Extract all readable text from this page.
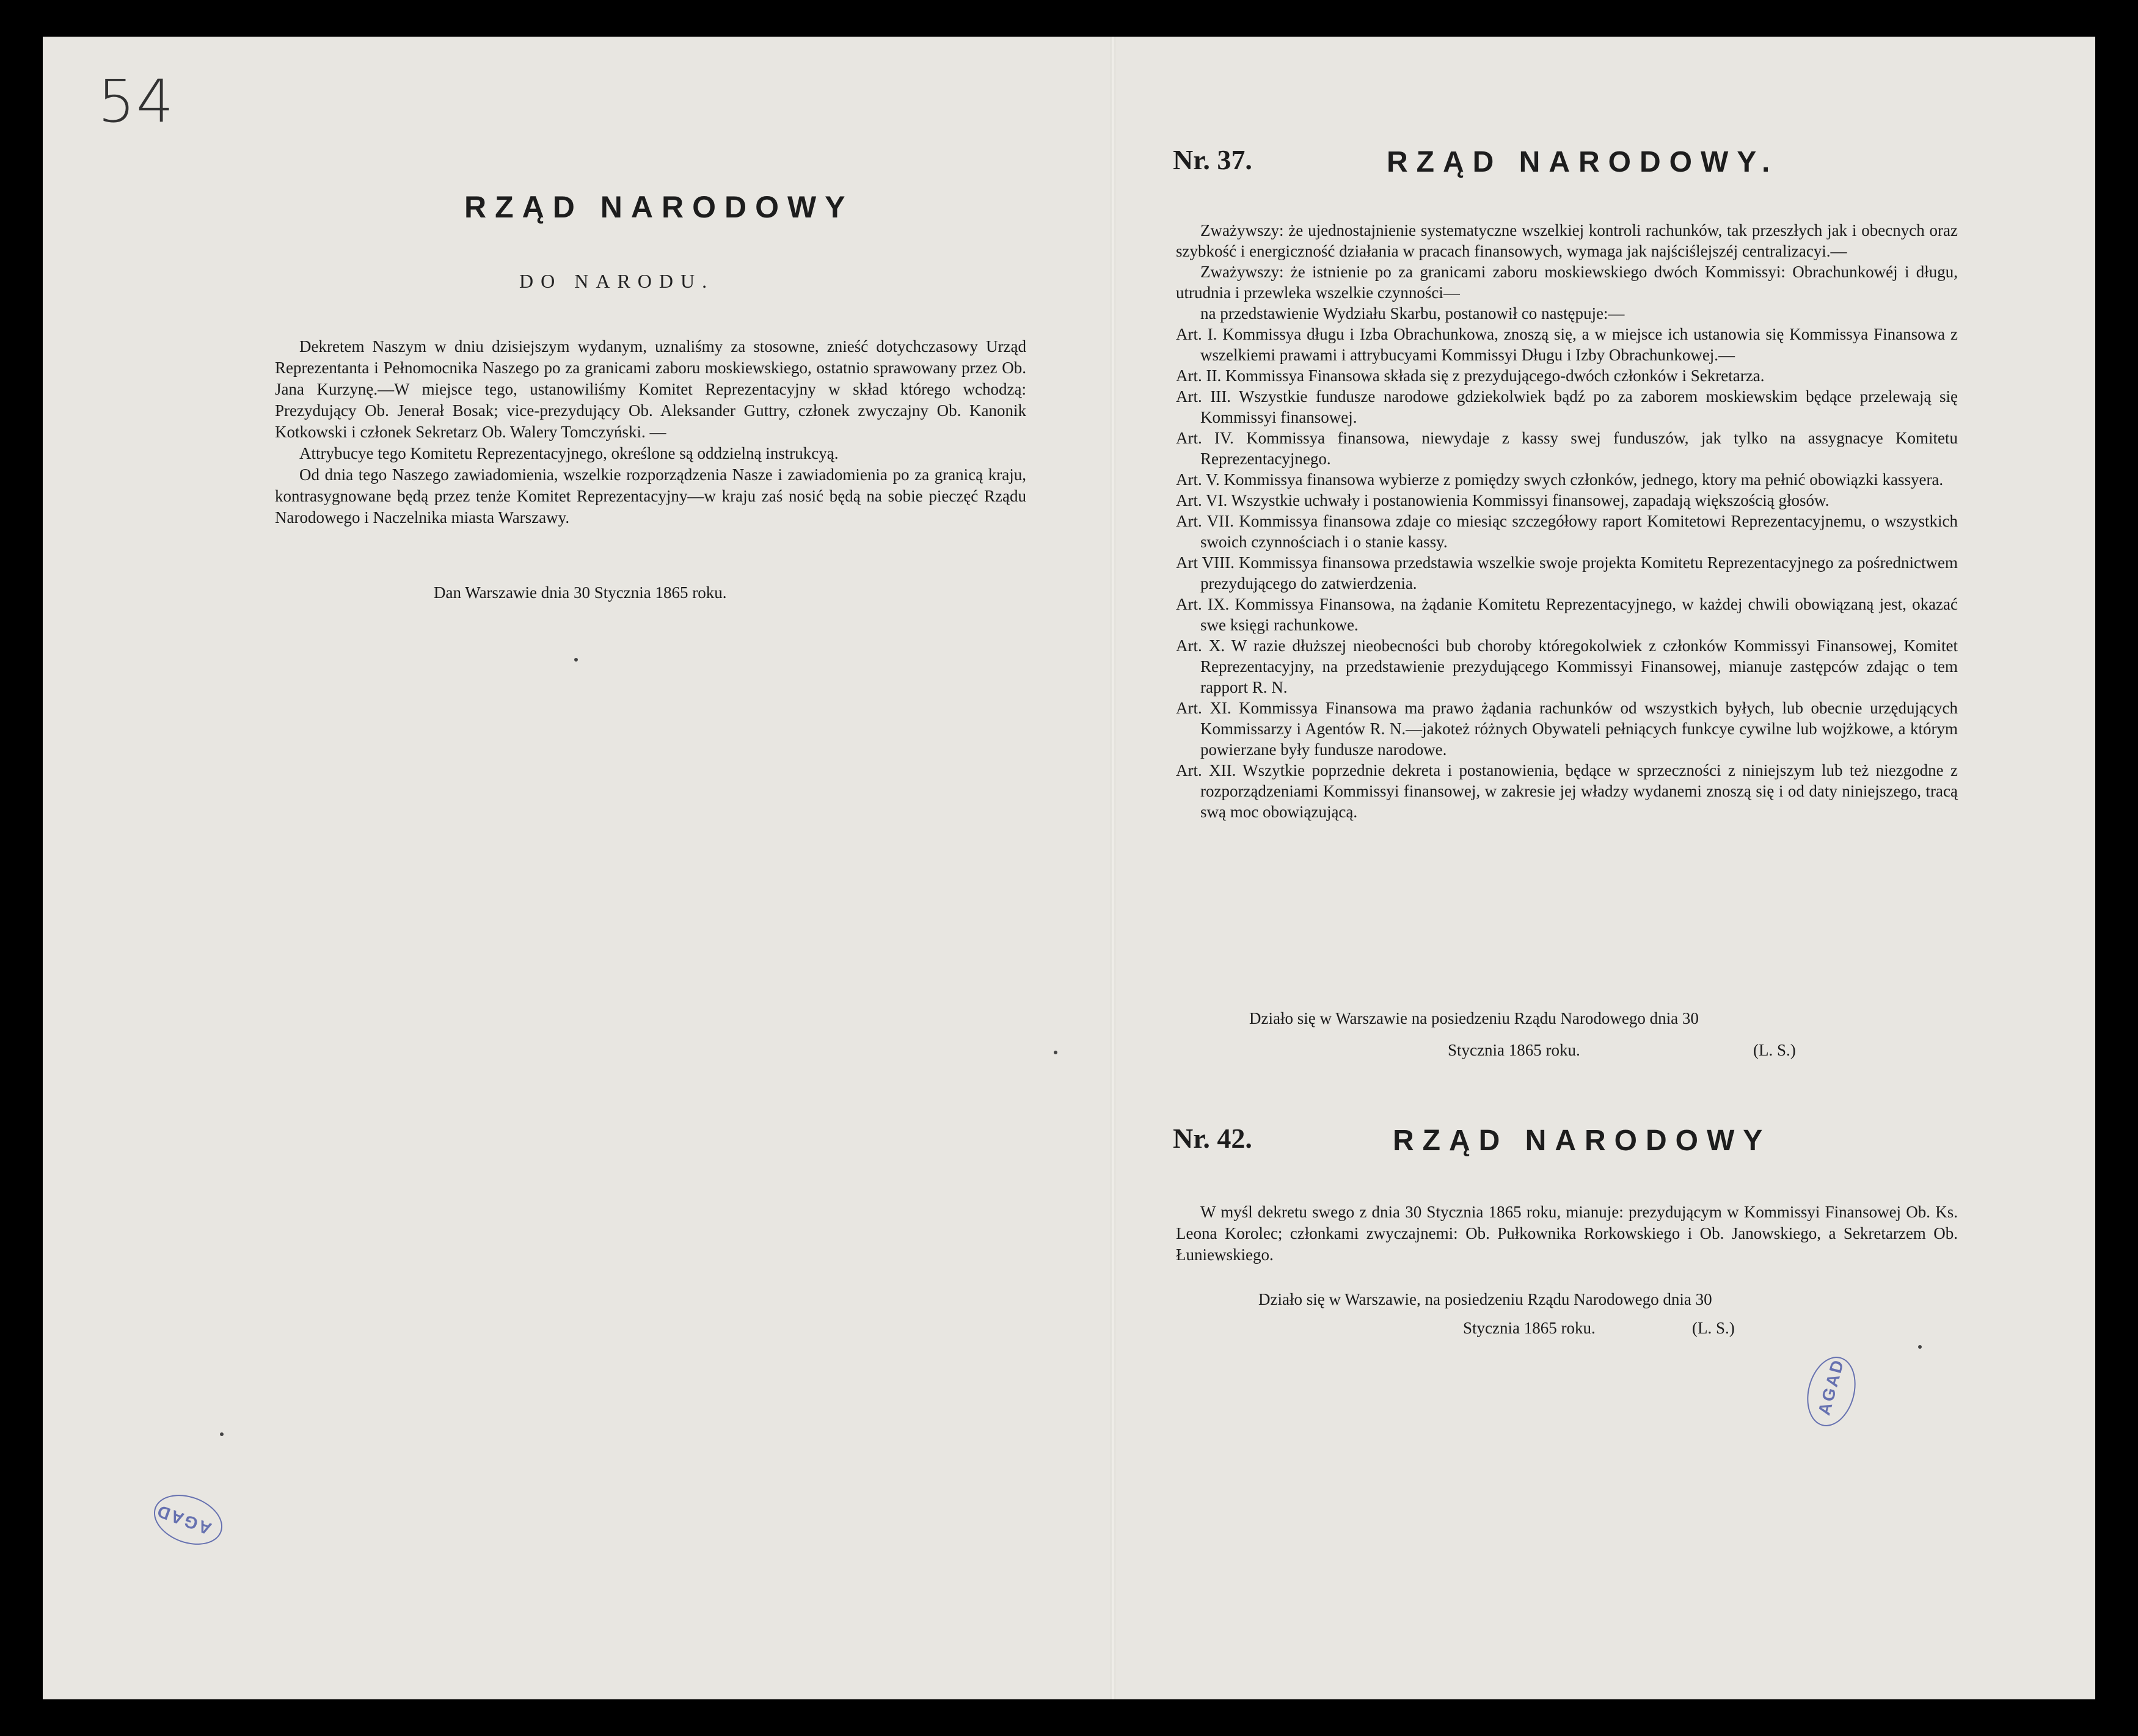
54
RZĄD NARODOWY
DO NARODU.

Dekretem Naszym w dniu dzisiejszym wydanym, uznaliśmy za stosowne, znieść dotychczasowy Urząd Reprezentanta i Pełnomocnika Naszego po za granicami zaboru moskiewskiego, ostatnio sprawowany przez Ob. Jana Kurzynę.—W miejsce tego, ustanowiliśmy Komitet Reprezentacyjny w skład którego wchodzą: Prezydujący Ob. Jenerał Bosak; vice-prezydujący Ob. Aleksander Guttry, członek zwyczajny Ob. Kanonik Kotkowski i członek Sekretarz Ob. Walery Tomczyński. —

Attrybucye tego Komitetu Reprezentacyjnego, określone są oddzielną instrukcyą.

Od dnia tego Naszego zawiadomienia, wszelkie rozporządzenia Nasze i zawiadomienia po za granicą kraju, kontrasygnowane będą przez tenże Komitet Reprezentacyjny—w kraju zaś nosić będą na sobie pieczęć Rządu Narodowego i Naczelnika miasta Warszawy.

Dan Warszawie dnia 30 Stycznia 1865 roku.
AGAD
Nr. 37.	RZĄD NARODOWY.

Zważywszy: że ujednostajnienie systematyczne wszelkiej kontroli rachunków, tak przeszłych jak i obecnych oraz szybkość i energiczność działania w pracach finansowych, wymaga jak najściślejszéj centralizacyi.—

Zważywszy: że istnienie po za granicami zaboru moskiewskiego dwóch Kommissyi: Obrachunkowéj i długu, utrudnia i przewleka wszelkie czynności—

na przedstawienie Wydziału Skarbu, postanowił co następuje:—

Art. I. Kommissya długu i Izba Obrachunkowa, znoszą się, a w miejsce ich ustanowia się Kommissya Finansowa z wszelkiemi prawami i attrybucyami Kommissyi Długu i Izby Obrachunkowej.—
Art. II. Kommissya Finansowa składa się z prezydującego-dwóch członków i Sekretarza.
Art. III. Wszystkie fundusze narodowe gdziekolwiek bądź po za zaborem moskiewskim będące przelewają się Kommissyi finansowej.
Art. IV. Kommissya finansowa, niewydaje z kassy swej funduszów, jak tylko na assygnacye Komitetu Reprezentacyjnego.
Art. V. Kommissya finansowa wybierze z pomiędzy swych członków, jednego, ktory ma pełnić obowiązki kassyera.
Art. VI. Wszystkie uchwały i postanowienia Kommissyi finansowej, zapadają większością głosów.
Art. VII. Kommissya finansowa zdaje co miesiąc szczegółowy raport Komitetowi Reprezentacyjnemu, o wszystkich swoich czynnościach i o stanie kassy.
Art VIII. Kommissya finansowa przedstawia wszelkie swoje projekta Komitetu Reprezentacyjnego za pośrednictwem prezydującego do zatwierdzenia.
Art. IX. Kommissya Finansowa, na żądanie Komitetu Reprezentacyjnego, w każdej chwili obowiązaną jest, okazać swe księgi rachunkowe.
Art. X. W razie dłuższej nieobecności bub choroby któregokolwiek z członków Kommissyi Finansowej, Komitet Reprezentacyjny, na przedstawienie prezydującego Kommissyi Finansowej, mianuje zastępców zdając o tem rapport R. N.
Art. XI. Kommissya Finansowa ma prawo żądania rachunków od wszystkich byłych, lub obecnie urzędujących Kommissarzy i Agentów R. N.—jakoteż różnych Obywateli pełniących funkcye cywilne lub wojżkowe, a którym powierzane były fundusze narodowe.
Art. XII. Wszytkie poprzednie dekreta i postanowienia, będące w sprzeczności z niniejszym lub też niezgodne z rozporządzeniami Kommissyi finansowej, w zakresie jej władzy wydanemi znoszą się i od daty niniejszego, tracą swą moc obowiązującą.
Działo się w Warszawie na posiedzeniu Rządu Narodowego dnia 30
Stycznia 1865 roku.	(L. S.)
Nr. 42.	RZĄD NARODOWY

W myśl dekretu swego z dnia 30 Stycznia 1865 roku, mianuje: prezydującym w Kommissyi Finansowej Ob. Ks. Leona Korolec; członkami zwyczajnemi: Ob. Pułkownika Rorkowskiego i Ob. Janowskiego, a Sekretarzem Ob. Łuniewskiego.

Działo się w Warszawie, na posiedzeniu Rządu Narodowego dnia 30
Stycznia 1865 roku.	(L. S.)
AGAD
